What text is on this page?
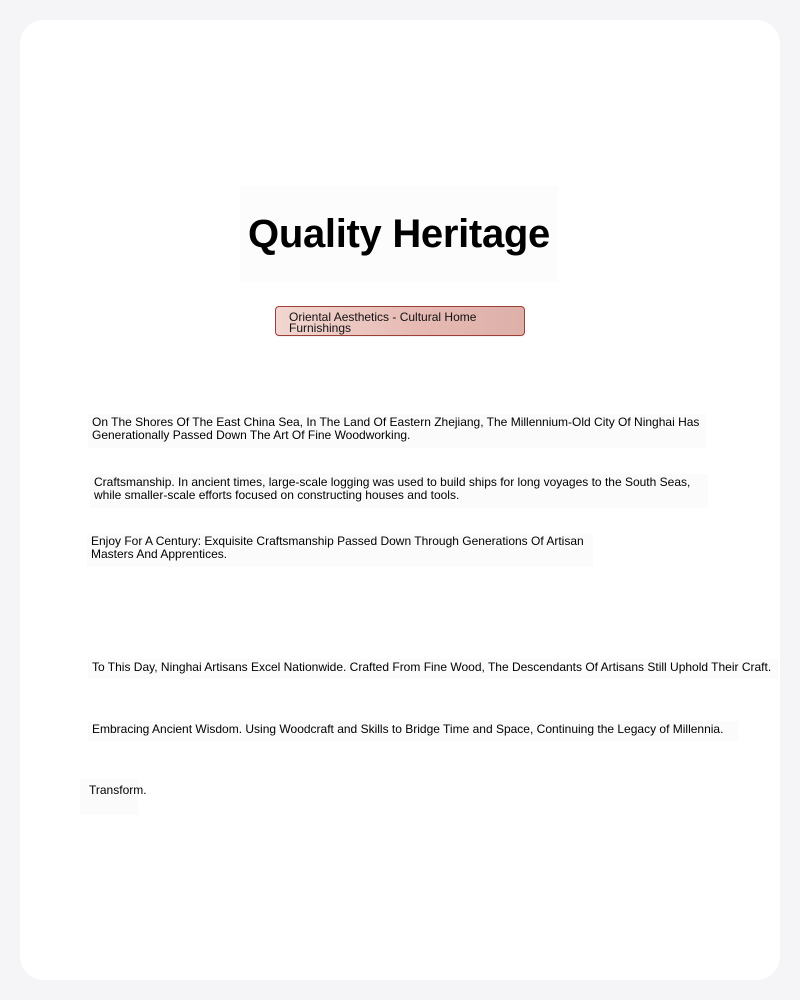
Quality Heritage
Oriental Aesthetics - Cultural Home Furnishings
On The Shores Of The East China Sea, In The Land Of Eastern Zhejiang, The Millennium-Old City Of Ninghai Has Generationally Passed Down The Art Of Fine Woodworking.
Craftsmanship. In ancient times, large-scale logging was used to build ships for long voyages to the South Seas, while smaller-scale efforts focused on constructing houses and tools.
Enjoy For A Century: Exquisite Craftsmanship Passed Down Through Generations Of Artisan Masters And Apprentices.
To This Day, Ninghai Artisans Excel Nationwide. Crafted From Fine Wood, The Descendants Of Artisans Still Uphold Their Craft.
Embracing Ancient Wisdom. Using Woodcraft and Skills to Bridge Time and Space, Continuing the Legacy of Millennia.
Transform.
